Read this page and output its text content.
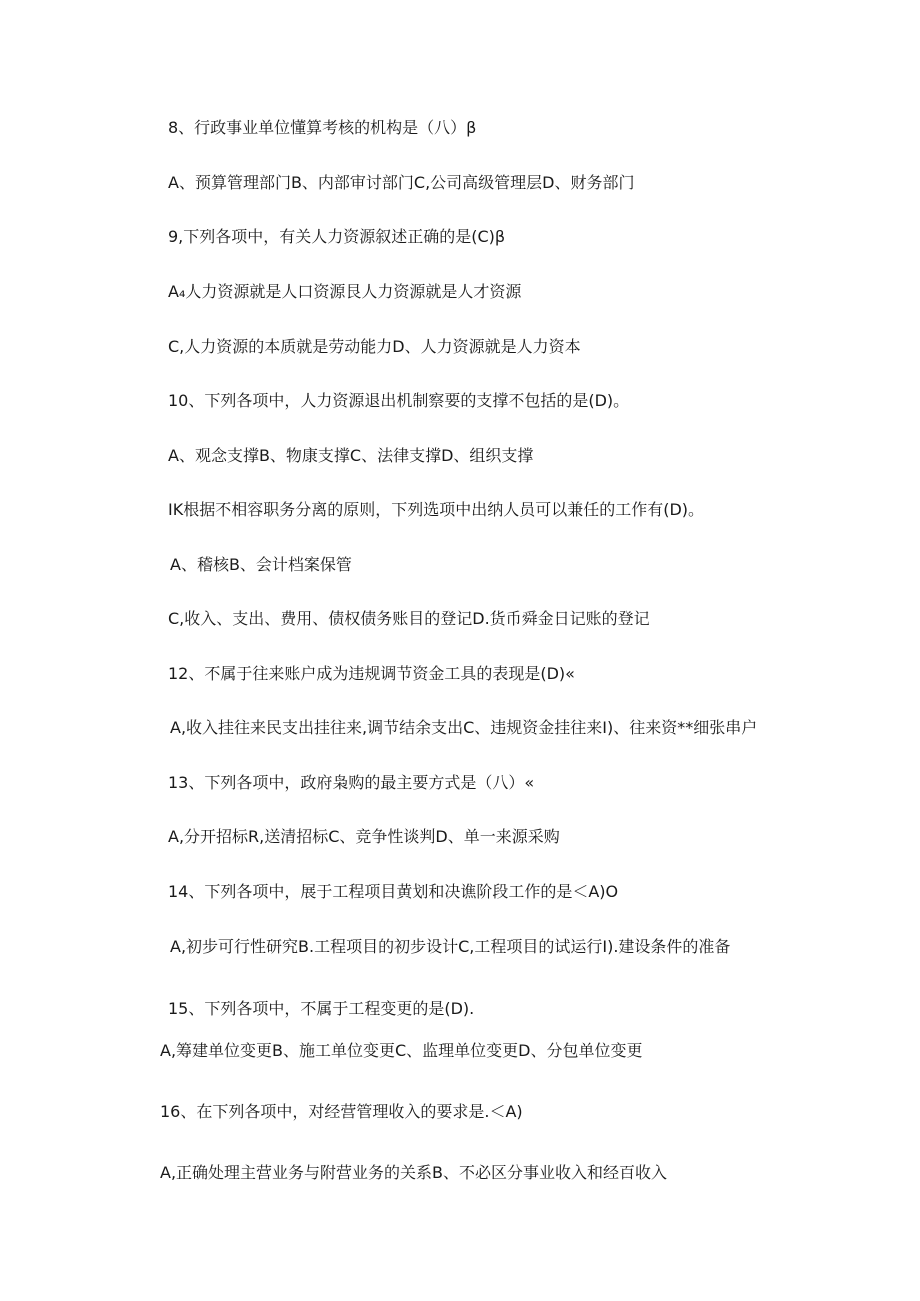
8、行政事业单位懂算考核的机构是（八）β
A、预算管理部门B、内部审讨部门C,公司高级管理层D、财务部门
9,下列各项中，有关人力资源叙述正确的是(C)β
A₄人力资源就是人口资源艮人力资源就是人才资源
C,人力资源的本质就是劳动能力D、人力资源就是人力资本
10、下列各项中，人力资源退出机制察要的支撑不包括的是(D)。
A、观念支撑B、物康支撑C、法律支撑D、组织支撑
IK根据不相容职务分离的原则，下列选项中出纳人员可以兼任的工作有(D)。
A、稽核B、会计档案保管
C,收入、支出、费用、债权债务账目的登记D.货币舜金日记账的登记
12、不属于往来账户成为违规调节资金工具的表现是(D)«
A,收入挂往来民支出挂往来,调节结余支出C、违规资金挂往来I)、往来资**细张串户
13、下列各项中，政府枭购的最主要方式是（八）«
A,分开招标R,送清招标C、竞争性谈判D、单一来源采购
14、下列各项中，展于工程项目黄划和决谯阶段工作的是＜A)O
A,初步可行性研究B.工程项目的初步设计C,工程项目的试运行I).建设条件的准备
15、下列各项中，不属于工程变更的是(D).
A,筹建单位变更B、施工单位变更C、监理单位变更D、分包单位变更
16、在下列各项中，对经营管理收入的要求是.＜A)
A,正确处理主营业务与附营业务的关系B、不必区分事业收入和经百收入
